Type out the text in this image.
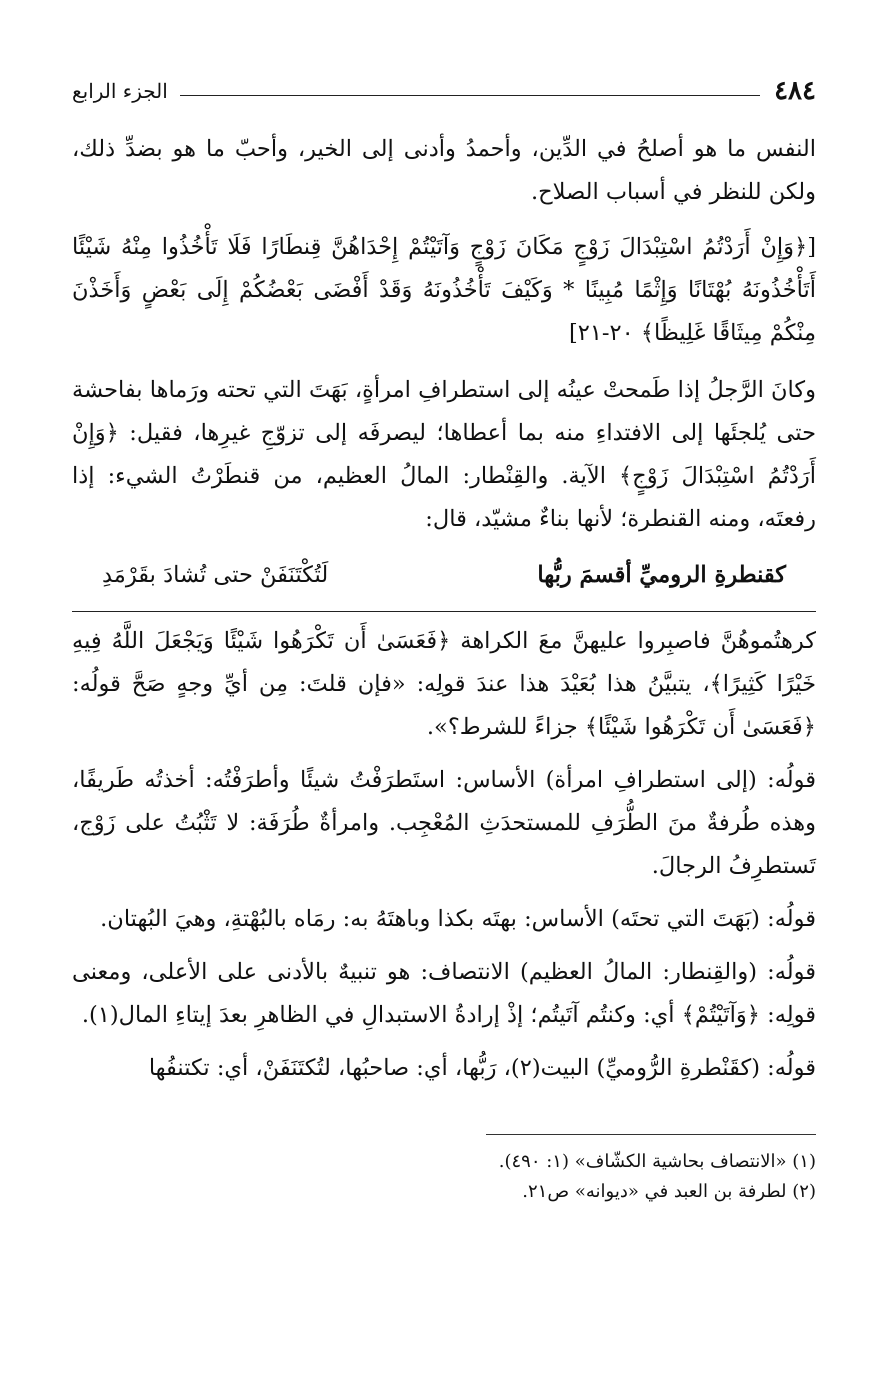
٤٨٤
الجزء الرابع

النفس ما هو أصلحُ في الدِّين، وأحمدُ وأدنى إلى الخير، وأحبّ ما هو بضدِّ ذلك، ولكن للنظر في أسباب الصلاح.

[﴿وَإِنْ أَرَدْتُمُ اسْتِبْدَالَ زَوْجٍ مَكَانَ زَوْجٍ وَآتَيْتُمْ إِحْدَاهُنَّ قِنطَارًا فَلَا تَأْخُذُوا مِنْهُ شَيْئًا أَتَأْخُذُونَهُ بُهْتَانًا وَإِثْمًا مُبِينًا * وَكَيْفَ تَأْخُذُونَهُ وَقَدْ أَفْضَى بَعْضُكُمْ إِلَى بَعْضٍ وَأَخَذْنَ مِنْكُمْ مِيثَاقًا غَلِيظًا﴾ ٢٠-٢١]

وكانَ الرَّجلُ إذا طَمحتْ عينُه إلى استطرافِ امرأةٍ، بَهَتَ التي تحته ورَماها بفاحشة حتى يُلجئَها إلى الافتداءِ منه بما أعطاها؛ ليصرفَه إلى تزوّجِ غيرِها، فقيل: ﴿وَإِنْ أَرَدْتُمُ اسْتِبْدَالَ زَوْجٍ﴾ الآية. والقِنْطار: المالُ العظيم، من قنطَرْتُ الشيء: إذا رفعتَه، ومنه القنطرة؛ لأنها بناءٌ مشيّد، قال:

كقنطرةِ الروميِّ أقسمَ ربُّها
لَتُكْتَنَفَنْ حتى تُشادَ بقَرْمَدِ

كرهتُموهُنَّ فاصبِروا عليهنَّ معَ الكراهة ﴿فَعَسَىٰ أَن تَكْرَهُوا شَيْئًا وَيَجْعَلَ اللَّهُ فِيهِ خَيْرًا كَثِيرًا﴾، يتبيَّنُ هذا بُعَيْدَ هذا عندَ قولِه: «فإن قلتَ: مِن أيِّ وجهٍ صَحَّ قولُه: ﴿فَعَسَىٰ أَن تَكْرَهُوا شَيْئًا﴾ جزاءً للشرط؟».

قولُه: (إلى استطرافِ امرأة) الأساس: استَطرَفْتُ شيئًا وأطرَفْتُه: أخذتُه طَريفًا، وهذه طُرفةٌ منَ الطُّرَفِ للمستحدَثِ المُعْجِب. وامرأةٌ طُرَفَة: لا تَثْبُتُ على زَوْج، تَستطرِفُ الرجالَ.

قولُه: (بَهَتَ التي تحتَه) الأساس: بهتَه بكذا وباهتَهُ به: رمَاه بالبُهْتةِ، وهيَ البُهتان.

قولُه: (والقِنطار: المالُ العظيم) الانتصاف: هو تنبيهٌ بالأدنى على الأعلى، ومعنى قولِه: ﴿وَآتَيْتُمْ﴾ أي: وكنتُم آتَيتُم؛ إذْ إرادةُ الاستبدالِ في الظاهرِ بعدَ إيتاءِ المال(١).

قولُه: (كقَنْطرةِ الرُّوميِّ) البيت(٢)، رَبُّها، أي: صاحبُها، لتُكتَنَفَنْ، أي: تكتنفُها

(١) «الانتصاف بحاشية الكشّاف» (١: ٤٩٠).

(٢) لطرفة بن العبد في «ديوانه» ص٢١.
